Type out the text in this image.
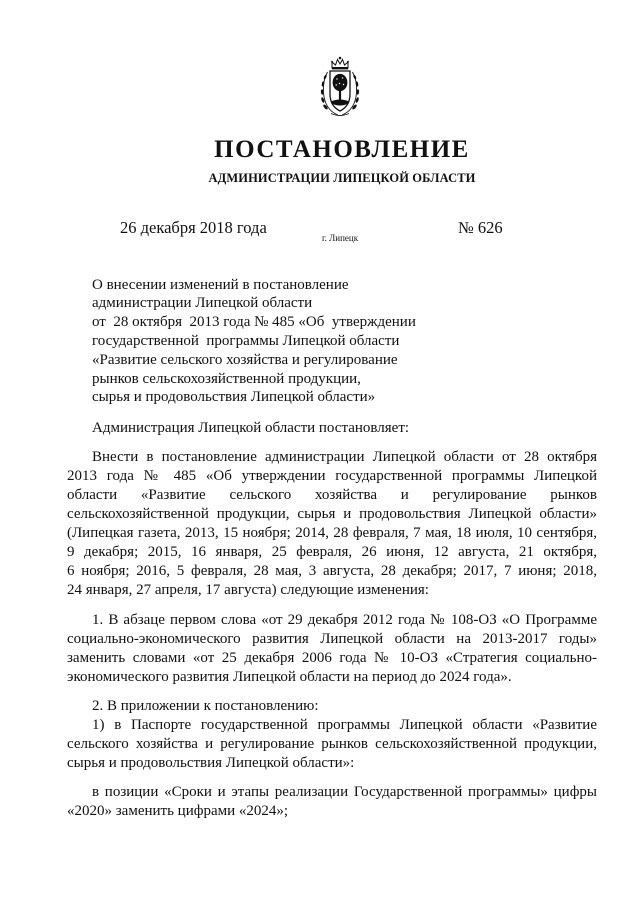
ПОСТАНОВЛЕНИЕ
АДМИНИСТРАЦИИ ЛИПЕЦКОЙ ОБЛАСТИ
26 декабря 2018 года
г. Липецк
№ 626
О внесении изменений в постановление
администрации Липецкой области
от  28 октября  2013 года № 485 «Об  утверждении
государственной  программы Липецкой области
«Развитие сельского хозяйства и регулирование
рынков сельскохозяйственной продукции,
сырья и продовольствия Липецкой области»
Администрация Липецкой области постановляет:
Внести в постановление администрации Липецкой области от 28 октября
2013 года № 485 «Об утверждении государственной программы Липецкой
области «Развитие сельского хозяйства и регулирование рынков
сельскохозяйственной продукции, сырья и продовольствия Липецкой области»
(Липецкая газета, 2013, 15 ноября; 2014, 28 февраля, 7 мая, 18 июля, 10 сентября,
9 декабря; 2015, 16 января, 25 февраля, 26 июня, 12 августа, 21 октября,
6 ноября; 2016, 5 февраля, 28 мая, 3 августа, 28 декабря; 2017, 7 июня; 2018,
24 января, 27 апреля, 17 августа) следующие изменения:
1. В абзаце первом слова «от 29 декабря 2012 года № 108-ОЗ «О Программе
социально-экономического развития Липецкой области на 2013-2017 годы»
заменить словами «от 25 декабря 2006 года № 10-ОЗ «Стратегия социально-
экономического развития Липецкой области на период до 2024 года».
2. В приложении к постановлению:
1) в Паспорте государственной программы Липецкой области «Развитие
сельского хозяйства и регулирование рынков сельскохозяйственной продукции,
сырья и продовольствия Липецкой области»:
в позиции «Сроки и этапы реализации Государственной программы» цифры
«2020» заменить цифрами «2024»;
